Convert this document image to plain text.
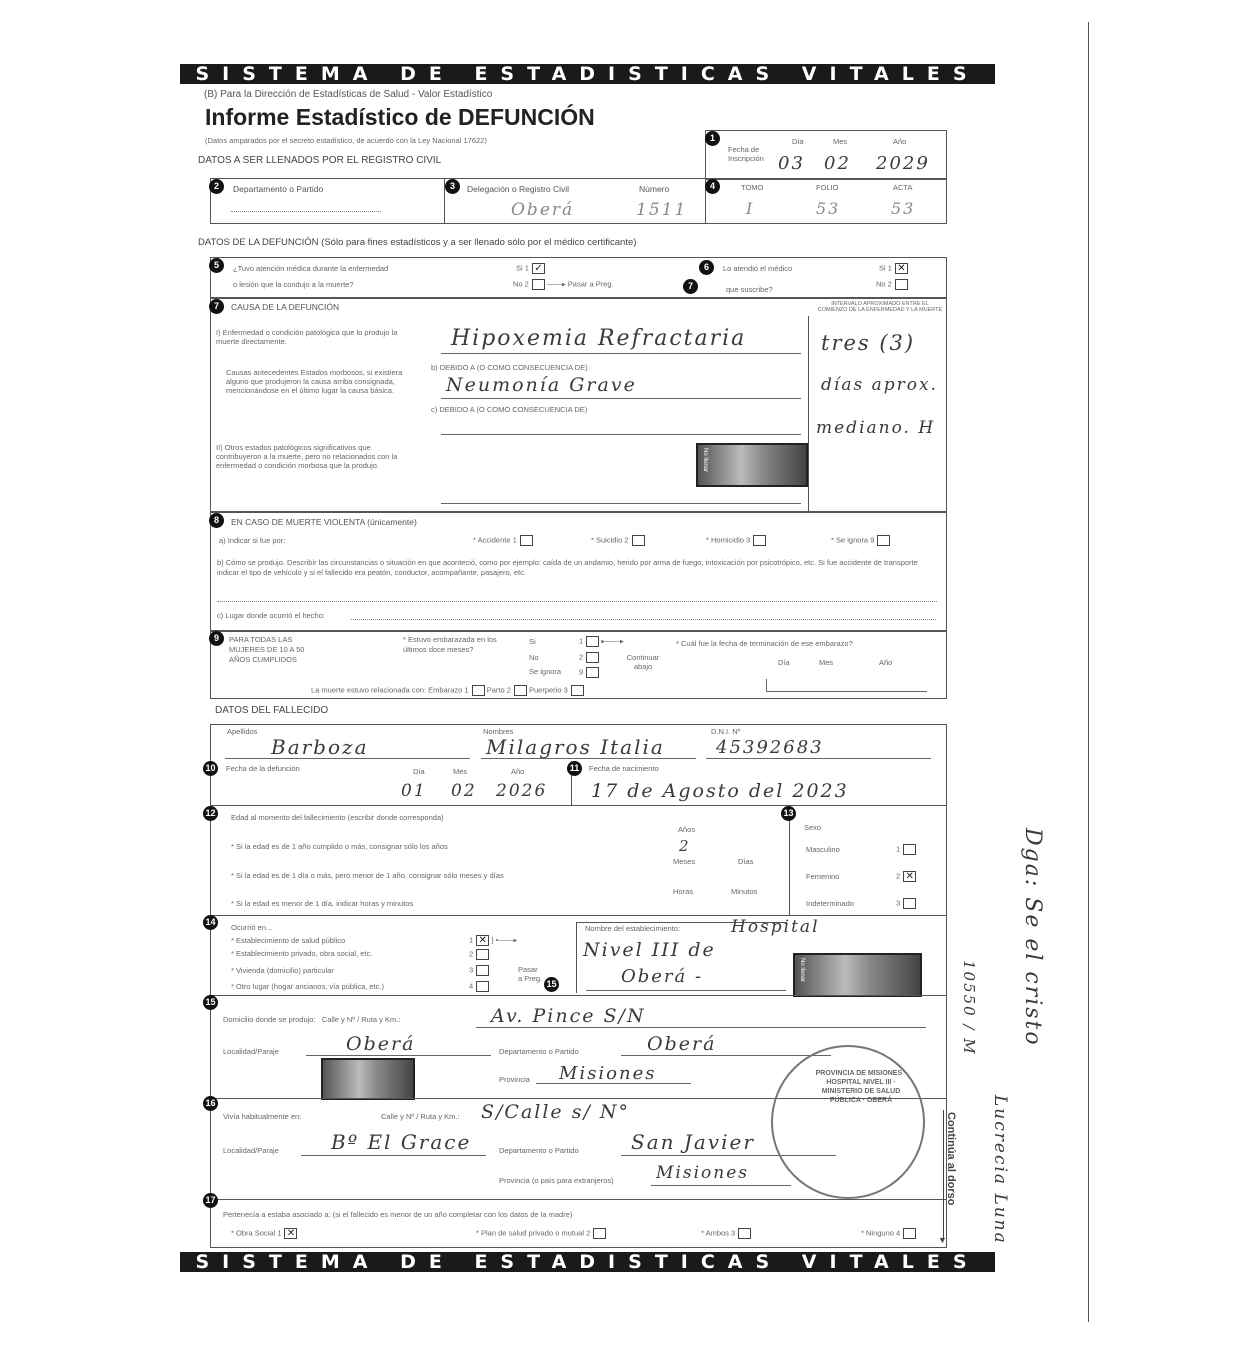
SISTEMA DE ESTADISTICAS VITALES
(B) Para la Dirección de Estadísticas de Salud - Valor Estadístico
Informe Estadístico de DEFUNCIÓN
(Datos amparados por el secreto estadístico, de acuerdo con la Ley Nacional 17622)
DATOS A SER LLENADOS POR EL REGISTRO CIVIL
1
Fecha de Inscripción
Día	Mes	Año
03 02 2029
2	Departamento o Partido	3	Delegación o Registro Civil	Número
Oberá	1511
4	TOMO	FOLIO	ACTA
I	53	53
DATOS DE LA DEFUNCIÓN (Sólo para fines estadísticos y a ser llenado sólo por el médico certificante)
5	¿Tuvo atención médica durante la enfermedad
o lesión que la condujo a la muerte?
Si 1 ✓
No 2 ——▸ Pasar a Preg.	7
6	Lo atendió el médico
que suscribe?
Si 1 ✕
No 2
7	CAUSA DE LA DEFUNCIÓN	INTERVALO APROXIMADO ENTRE EL COMIENZO DE LA ENFERMEDAD Y LA MUERTE
I) Enfermedad o condición patológica que lo produjo la muerte directamente.
Causas antecedentes Estados morbosos, si existiera alguno que produjeron la causa arriba consignada, mencionándose en el último lugar la causa básica.
II) Otros estados patológicos significativos que contribuyeron a la muerte, pero no relacionados con la enfermedad o condición morbosa que la produjo.
Hipoxemia Refractaria
b) DEBIDO A (O COMO CONSECUENCIA DE)
Neumonía Grave
c) DEBIDO A (O COMO CONSECUENCIA DE)
No llenar
tres (3)
días aprox.
mediano. H
8	EN CASO DE MUERTE VIOLENTA (únicamente)
a) Indicar si fue por:	* Accidente 1	* Suicidio 2	* Homicidio 3	* Se ignora 9
b) Cómo se produjo. Describir las circunstancias o situación en que aconteció, como por ejemplo: caída de un andamio, herido por arma de fuego, intoxicación por psicotrópico, etc. Si fue accidente de transporte indicar el tipo de vehículo y si el fallecido era peatón, conductor, acompañante, pasajero, etc.
c) Lugar donde ocurrió el hecho:
9	PARA TODAS LAS MUJERES DE 10 A 50 AÑOS CUMPLIDOS
* Estuvo embarazada en los últimos doce meses?
Si
No
Se ignora
1 ▸——▸
2
9
Continuar abajo
* Cuál fue la fecha de terminación de ese embarazo?
Día	Mes	Año
La muerte estuvo relacionada con: Embarazo 1 Parto 2 Puerperio 3
DATOS DEL FALLECIDO
Apellidos
Barboza
Nombres
Milagros Italia
D.N.I. Nº
45392683
10	Fecha de la defunción	Día	Mes	Año
01 02 2026
11	Fecha de nacimiento
17 de Agosto del 2023
12	Edad al momento del fallecimiento (escribir donde corresponda)
* Si la edad es de 1 año cumplido o más, consignar sólo los años
* Si la edad es de 1 día o más, pero menor de 1 año, consignar sólo meses y días
* Si la edad es menor de 1 día, indicar horas y minutos
Años
2
Meses	Días
Horas	Minutos
13
Sexo
Masculino	1
Femenino	2 ✕
Indeterminado	3
14
Ocurrió en...
* Establecimiento de salud público
* Establecimiento privado, obra social, etc.
* Vivienda (domicilio) particular
* Otro lugar (hogar ancianos, vía pública, etc.)
1 ✕ } •——▸
2
3
4
Pasar a Preg.
15
Nombre del establecimiento:	Hospital
Nivel III de
Oberá -	No llenar
15
Domicilio donde se produjo: Calle y Nº / Ruta y Km.:	Av. Pince S/N
Localidad/Paraje	Oberá	Departamento o Partido	Oberá
Provincia Misiones
16
Vivía habitualmente en:	Calle y Nº / Ruta y Km.: S/Calle s/ N°
Localidad/Paraje	Bº El Grace	Departamento o Partido	San Javier
Provincia (o país para extranjeros) Misiones
17
Pertenecía a estaba asociado a: (si el fallecido es menor de un año completar con los datos de la madre)
* Obra Social 1 ✕	* Plan de salud privado o mutual 2	* Ambos 3	* Ninguno 4
PROVINCIA DE MISIONES · HOSPITAL NIVEL III · MINISTERIO DE SALUD PÚBLICA · OBERÁ
Continúa al dorso
▼
SISTEMA DE ESTADISTICAS VITALES
Dga: Se el cristo
10550 / M
Lucrecia Luna
